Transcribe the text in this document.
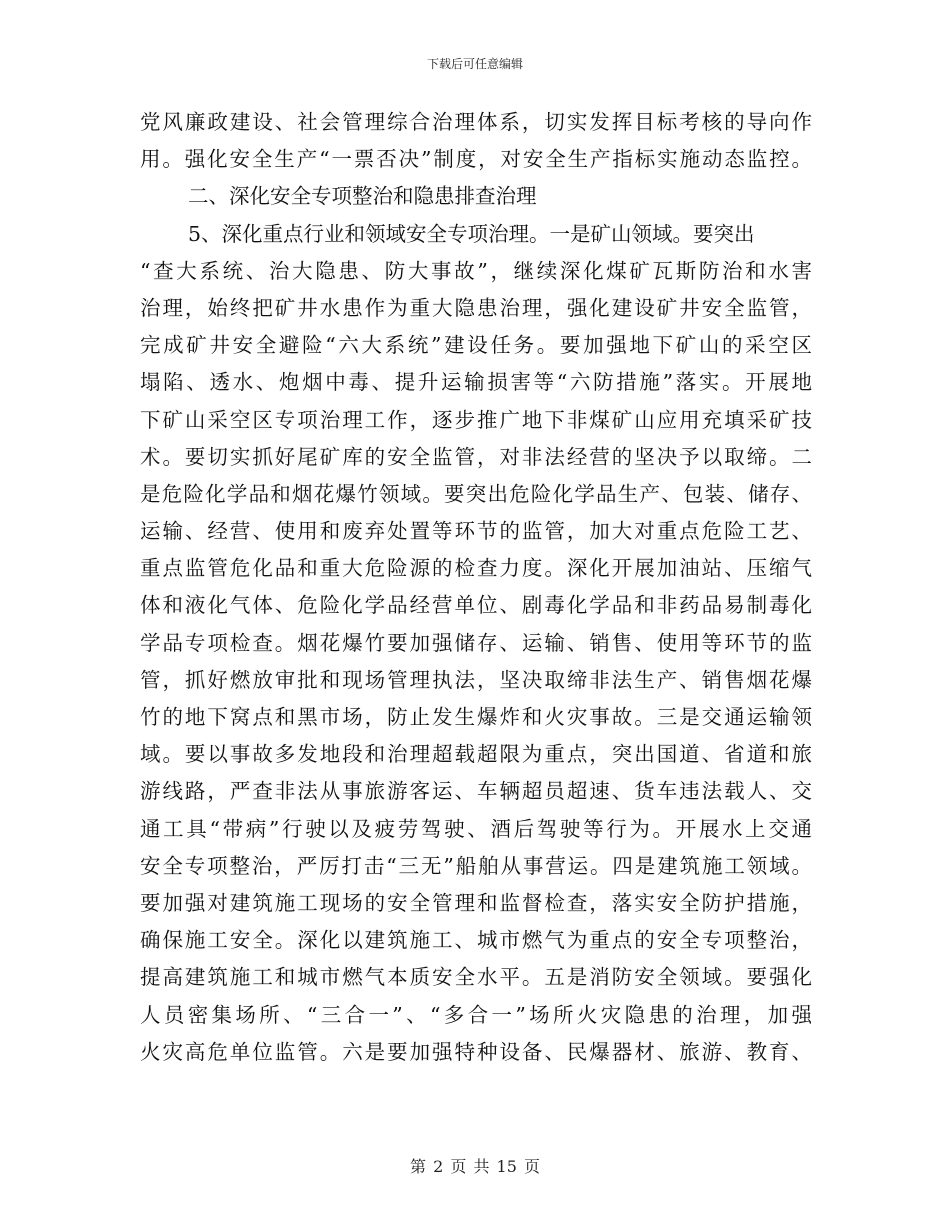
下载后可任意编辑
党风廉政建设、社会管理综合治理体系，切实发挥目标考核的导向作
用。强化安全生产“一票否决”制度，对安全生产指标实施动态监控。
二、深化安全专项整治和隐患排查治理
5、深化重点行业和领域安全专项治理。一是矿山领域。要突出
“查大系统、治大隐患、防大事故”，继续深化煤矿瓦斯防治和水害
治理，始终把矿井水患作为重大隐患治理，强化建设矿井安全监管，
完成矿井安全避险“六大系统”建设任务。要加强地下矿山的采空区
塌陷、透水、炮烟中毒、提升运输损害等“六防措施”落实。开展地
下矿山采空区专项治理工作，逐步推广地下非煤矿山应用充填采矿技
术。要切实抓好尾矿库的安全监管，对非法经营的坚决予以取缔。二
是危险化学品和烟花爆竹领域。要突出危险化学品生产、包装、储存、
运输、经营、使用和废弃处置等环节的监管，加大对重点危险工艺、
重点监管危化品和重大危险源的检查力度。深化开展加油站、压缩气
体和液化气体、危险化学品经营单位、剧毒化学品和非药品易制毒化
学品专项检查。烟花爆竹要加强储存、运输、销售、使用等环节的监
管，抓好燃放审批和现场管理执法，坚决取缔非法生产、销售烟花爆
竹的地下窝点和黑市场，防止发生爆炸和火灾事故。三是交通运输领
域。要以事故多发地段和治理超载超限为重点，突出国道、省道和旅
游线路，严查非法从事旅游客运、车辆超员超速、货车违法载人、交
通工具“带病”行驶以及疲劳驾驶、酒后驾驶等行为。开展水上交通
安全专项整治，严厉打击“三无”船舶从事营运。四是建筑施工领域。
要加强对建筑施工现场的安全管理和监督检查，落实安全防护措施，
确保施工安全。深化以建筑施工、城市燃气为重点的安全专项整治，
提高建筑施工和城市燃气本质安全水平。五是消防安全领域。要强化
人员密集场所、“三合一”、“多合一”场所火灾隐患的治理，加强
火灾高危单位监管。六是要加强特种设备、民爆器材、旅游、教育、
第 2 页 共 15 页
